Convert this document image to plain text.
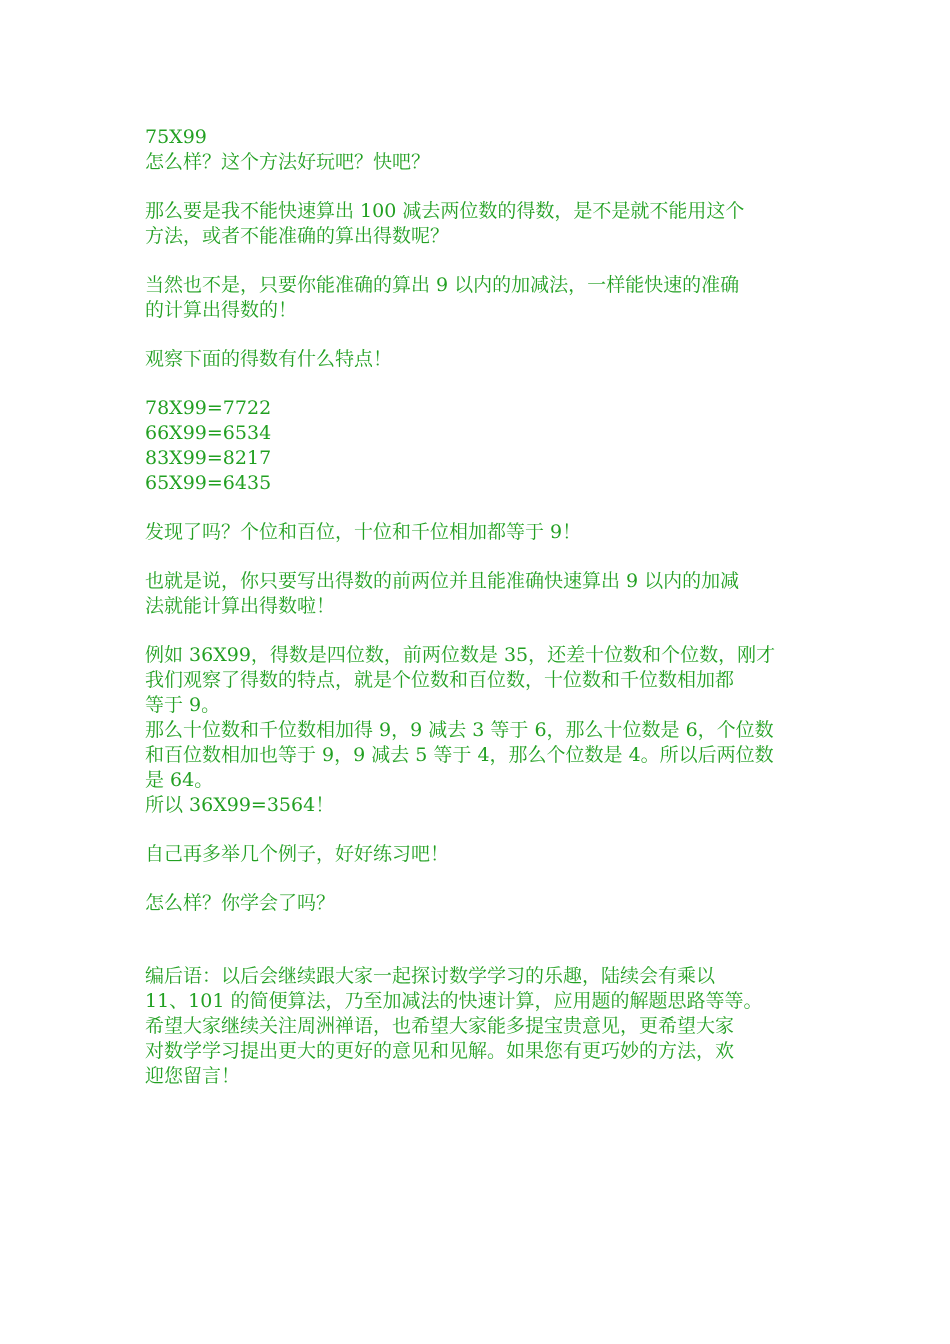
75X99
怎么样？这个方法好玩吧？快吧？
那么要是我不能快速算出 100 减去两位数的得数，是不是就不能用这个
方法，或者不能准确的算出得数呢？
当然也不是，只要你能准确的算出 9 以内的加减法，一样能快速的准确
的计算出得数的！
观察下面的得数有什么特点！
78X99=7722
66X99=6534
83X99=8217
65X99=6435
发现了吗？个位和百位，十位和千位相加都等于 9！
也就是说，你只要写出得数的前两位并且能准确快速算出 9 以内的加减
法就能计算出得数啦！
例如 36X99，得数是四位数，前两位数是 35，还差十位数和个位数，刚才
我们观察了得数的特点，就是个位数和百位数，十位数和千位数相加都
等于 9。
那么十位数和千位数相加得 9，9 减去 3 等于 6，那么十位数是 6，个位数
和百位数相加也等于 9，9 减去 5 等于 4，那么个位数是 4。所以后两位数
是 64。
所以 36X99=3564！
自己再多举几个例子，好好练习吧！
怎么样？你学会了吗？
编后语：以后会继续跟大家一起探讨数学学习的乐趣，陆续会有乘以
11、101 的简便算法，乃至加减法的快速计算，应用题的解题思路等等。
希望大家继续关注周洲禅语，也希望大家能多提宝贵意见，更希望大家
对数学学习提出更大的更好的意见和见解。如果您有更巧妙的方法，欢
迎您留言！
